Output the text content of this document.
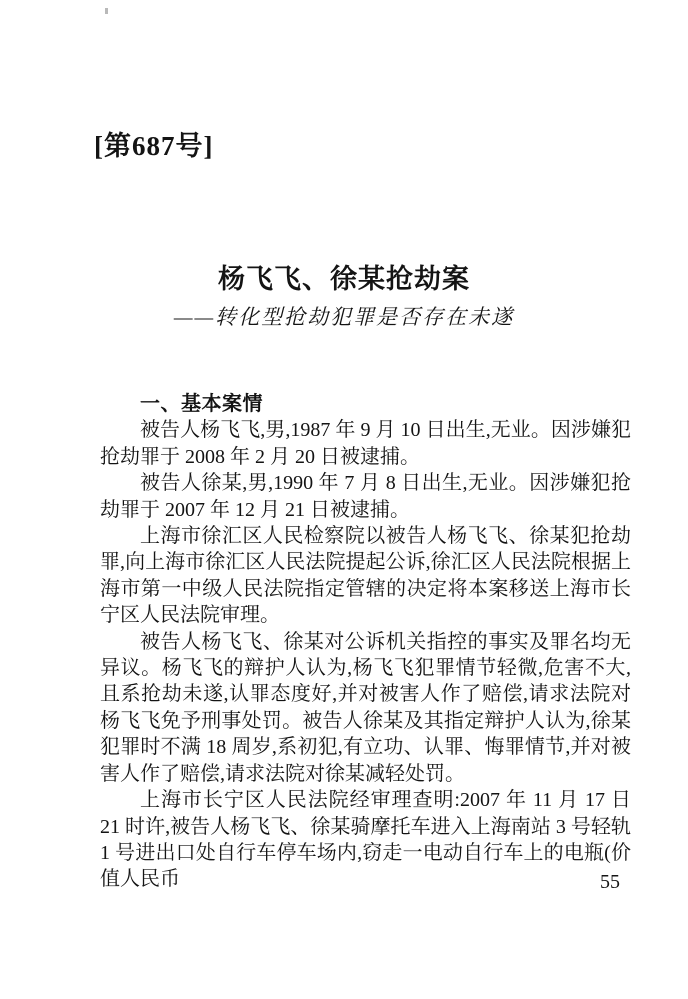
[第687号]
杨飞飞、徐某抢劫案
——转化型抢劫犯罪是否存在未遂
一、基本案情

被告人杨飞飞,男,1987 年 9 月 10 日出生,无业。因涉嫌犯抢劫罪于 2008 年 2 月 20 日被逮捕。

被告人徐某,男,1990 年 7 月 8 日出生,无业。因涉嫌犯抢劫罪于 2007 年 12 月 21 日被逮捕。

上海市徐汇区人民检察院以被告人杨飞飞、徐某犯抢劫罪,向上海市徐汇区人民法院提起公诉,徐汇区人民法院根据上海市第一中级人民法院指定管辖的决定将本案移送上海市长宁区人民法院审理。

被告人杨飞飞、徐某对公诉机关指控的事实及罪名均无异议。杨飞飞的辩护人认为,杨飞飞犯罪情节轻微,危害不大,且系抢劫未遂,认罪态度好,并对被害人作了赔偿,请求法院对杨飞飞免予刑事处罚。被告人徐某及其指定辩护人认为,徐某犯罪时不满 18 周岁,系初犯,有立功、认罪、悔罪情节,并对被害人作了赔偿,请求法院对徐某减轻处罚。

上海市长宁区人民法院经审理查明:2007 年 11 月 17 日 21 时许,被告人杨飞飞、徐某骑摩托车进入上海南站 3 号轻轨 1 号进出口处自行车停车场内,窃走一电动自行车上的电瓶(价值人民币	55
